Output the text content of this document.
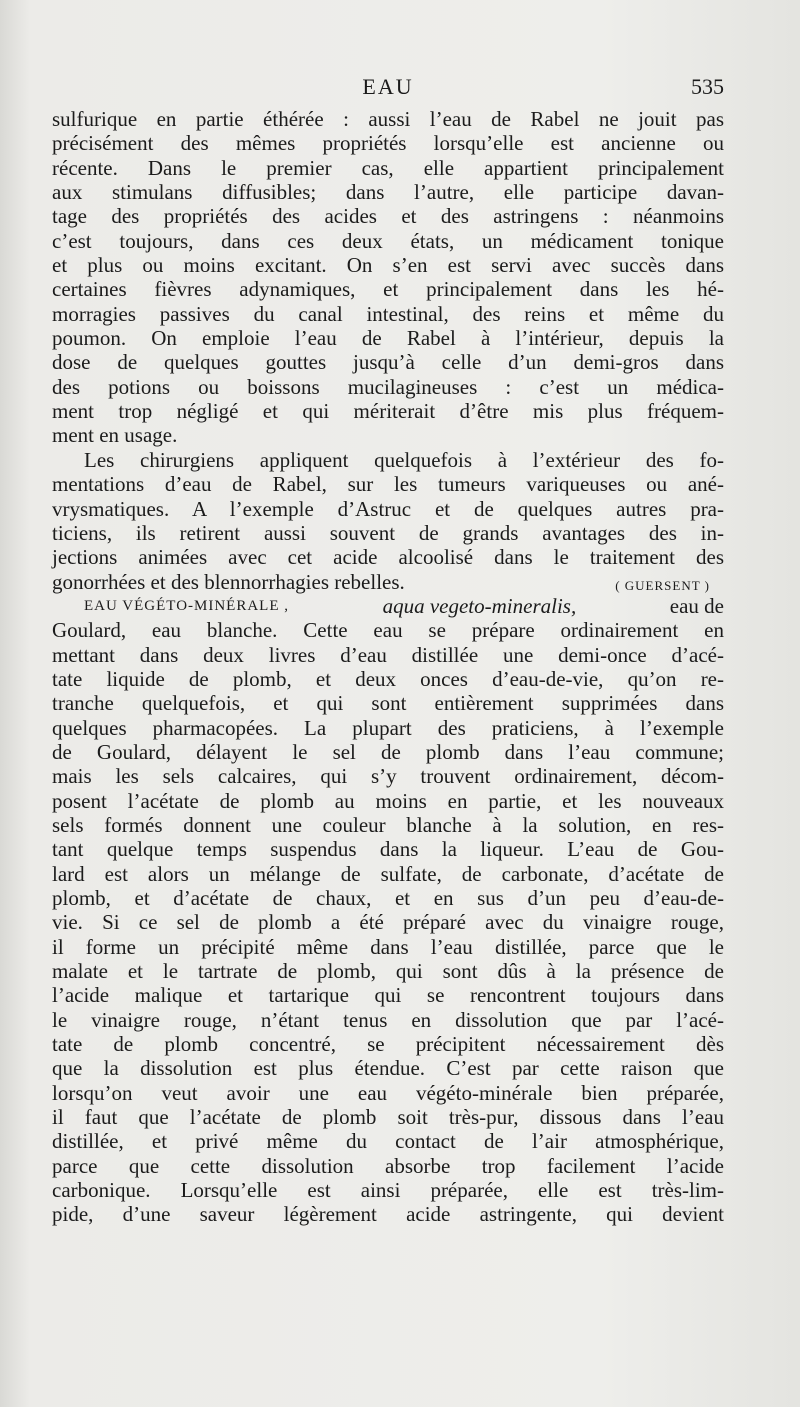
EAU	535
sulfurique en partie éthérée : aussi l’eau de Rabel ne jouit pas
précisément des mêmes propriétés lorsqu’elle est ancienne ou
récente. Dans le premier cas, elle appartient principalement
aux stimulans diffusibles; dans l’autre, elle participe davan-
tage des propriétés des acides et des astringens : néanmoins
c’est toujours, dans ces deux états, un médicament tonique
et plus ou moins excitant. On s’en est servi avec succès dans
certaines fièvres adynamiques, et principalement dans les hé-
morragies passives du canal intestinal, des reins et même du
poumon. On emploie l’eau de Rabel à l’intérieur, depuis la
dose de quelques gouttes jusqu’à celle d’un demi-gros dans
des potions ou boissons mucilagineuses : c’est un médica-
ment trop négligé et qui mériterait d’être mis plus fréquem-
ment en usage.
Les chirurgiens appliquent quelquefois à l’extérieur des fo-
mentations d’eau de Rabel, sur les tumeurs variqueuses ou ané-
vrysmatiques. A l’exemple d’Astruc et de quelques autres pra-
ticiens, ils retirent aussi souvent de grands avantages des in-
jections animées avec cet acide alcoolisé dans le traitement des
gonorrhées et des blennorrhagies rebelles.	( GUERSENT )
EAU VÉGÉTO-MINÉRALE ,	aqua vegeto-mineralis,	eau de
Goulard, eau blanche. Cette eau se prépare ordinairement en
mettant dans deux livres d’eau distillée une demi-once d’acé-
tate liquide de plomb, et deux onces d’eau-de-vie, qu’on re-
tranche quelquefois, et qui sont entièrement supprimées dans
quelques pharmacopées. La plupart des praticiens, à l’exemple
de Goulard, délayent le sel de plomb dans l’eau commune;
mais les sels calcaires, qui s’y trouvent ordinairement, décom-
posent l’acétate de plomb au moins en partie, et les nouveaux
sels formés donnent une couleur blanche à la solution, en res-
tant quelque temps suspendus dans la liqueur. L’eau de Gou-
lard est alors un mélange de sulfate, de carbonate, d’acétate de
plomb, et d’acétate de chaux, et en sus d’un peu d’eau-de-
vie. Si ce sel de plomb a été préparé avec du vinaigre rouge,
il forme un précipité même dans l’eau distillée, parce que le
malate et le tartrate de plomb, qui sont dûs à la présence de
l’acide malique et tartarique qui se rencontrent toujours dans
le vinaigre rouge, n’étant tenus en dissolution que par l’acé-
tate de plomb concentré, se précipitent nécessairement dès
que la dissolution est plus étendue. C’est par cette raison que
lorsqu’on veut avoir une eau végéto-minérale bien préparée,
il faut que l’acétate de plomb soit très-pur, dissous dans l’eau
distillée, et privé même du contact de l’air atmosphérique,
parce que cette dissolution absorbe trop facilement l’acide
carbonique. Lorsqu’elle est ainsi préparée, elle est très-lim-
pide, d’une saveur légèrement acide astringente, qui devient
